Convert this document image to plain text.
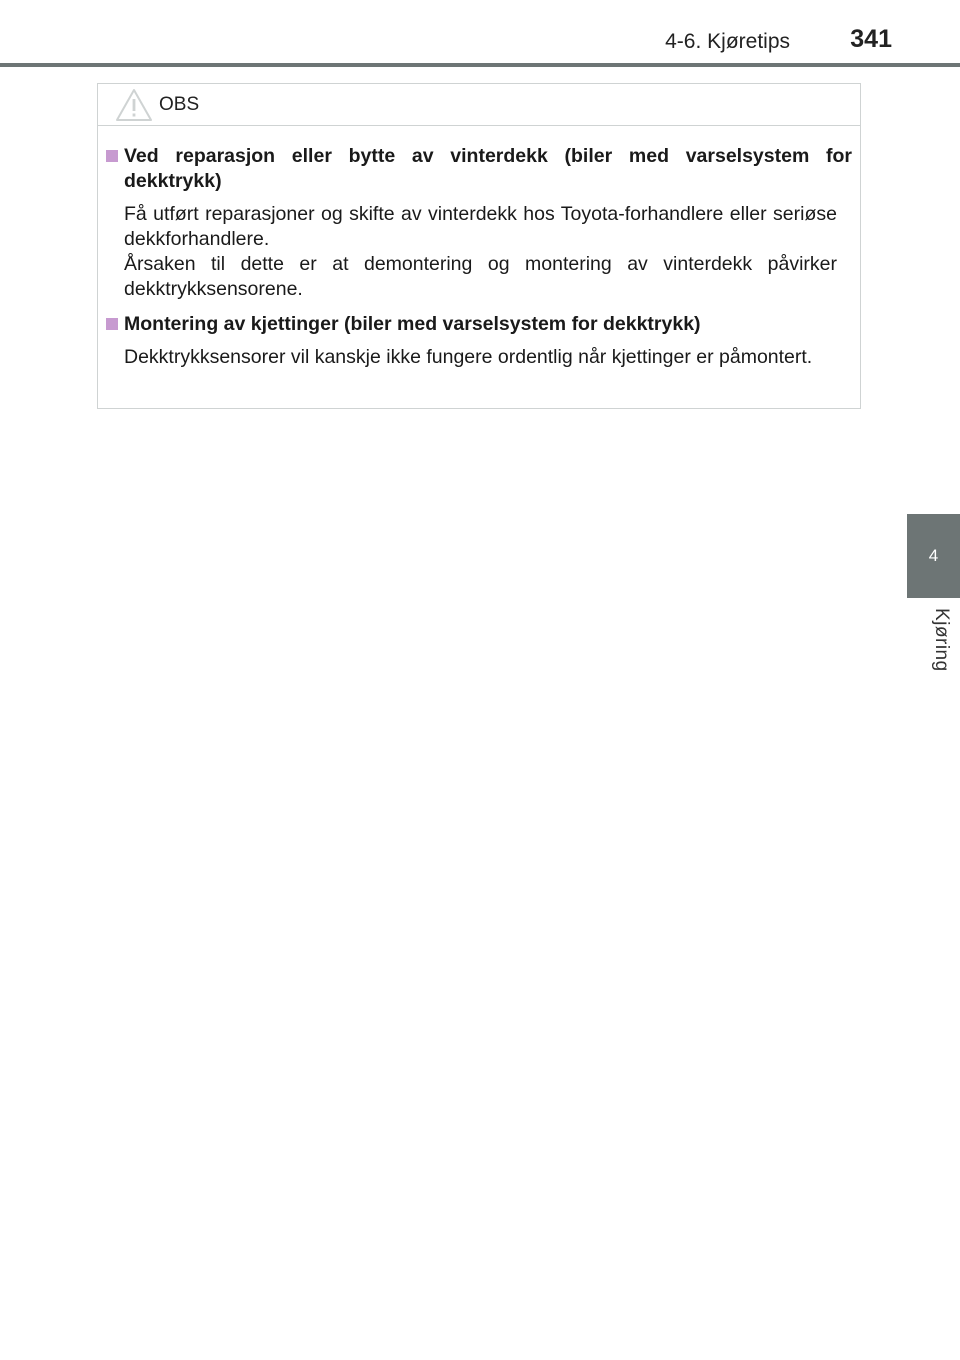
4-6. Kjøretips 341
4
Kjøring
OBS
Ved reparasjon eller bytte av vinterdekk (biler med varselsystem for dekktrykk)

Få utført reparasjoner og skifte av vinterdekk hos Toyota-forhandlere eller seriøse dekkforhandlere.

Årsaken til dette er at demontering og montering av vinterdekk påvirker dekktrykksensorene.

Montering av kjettinger (biler med varselsystem for dekktrykk)

Dekktrykksensorer vil kanskje ikke fungere ordentlig når kjettinger er påmontert.
